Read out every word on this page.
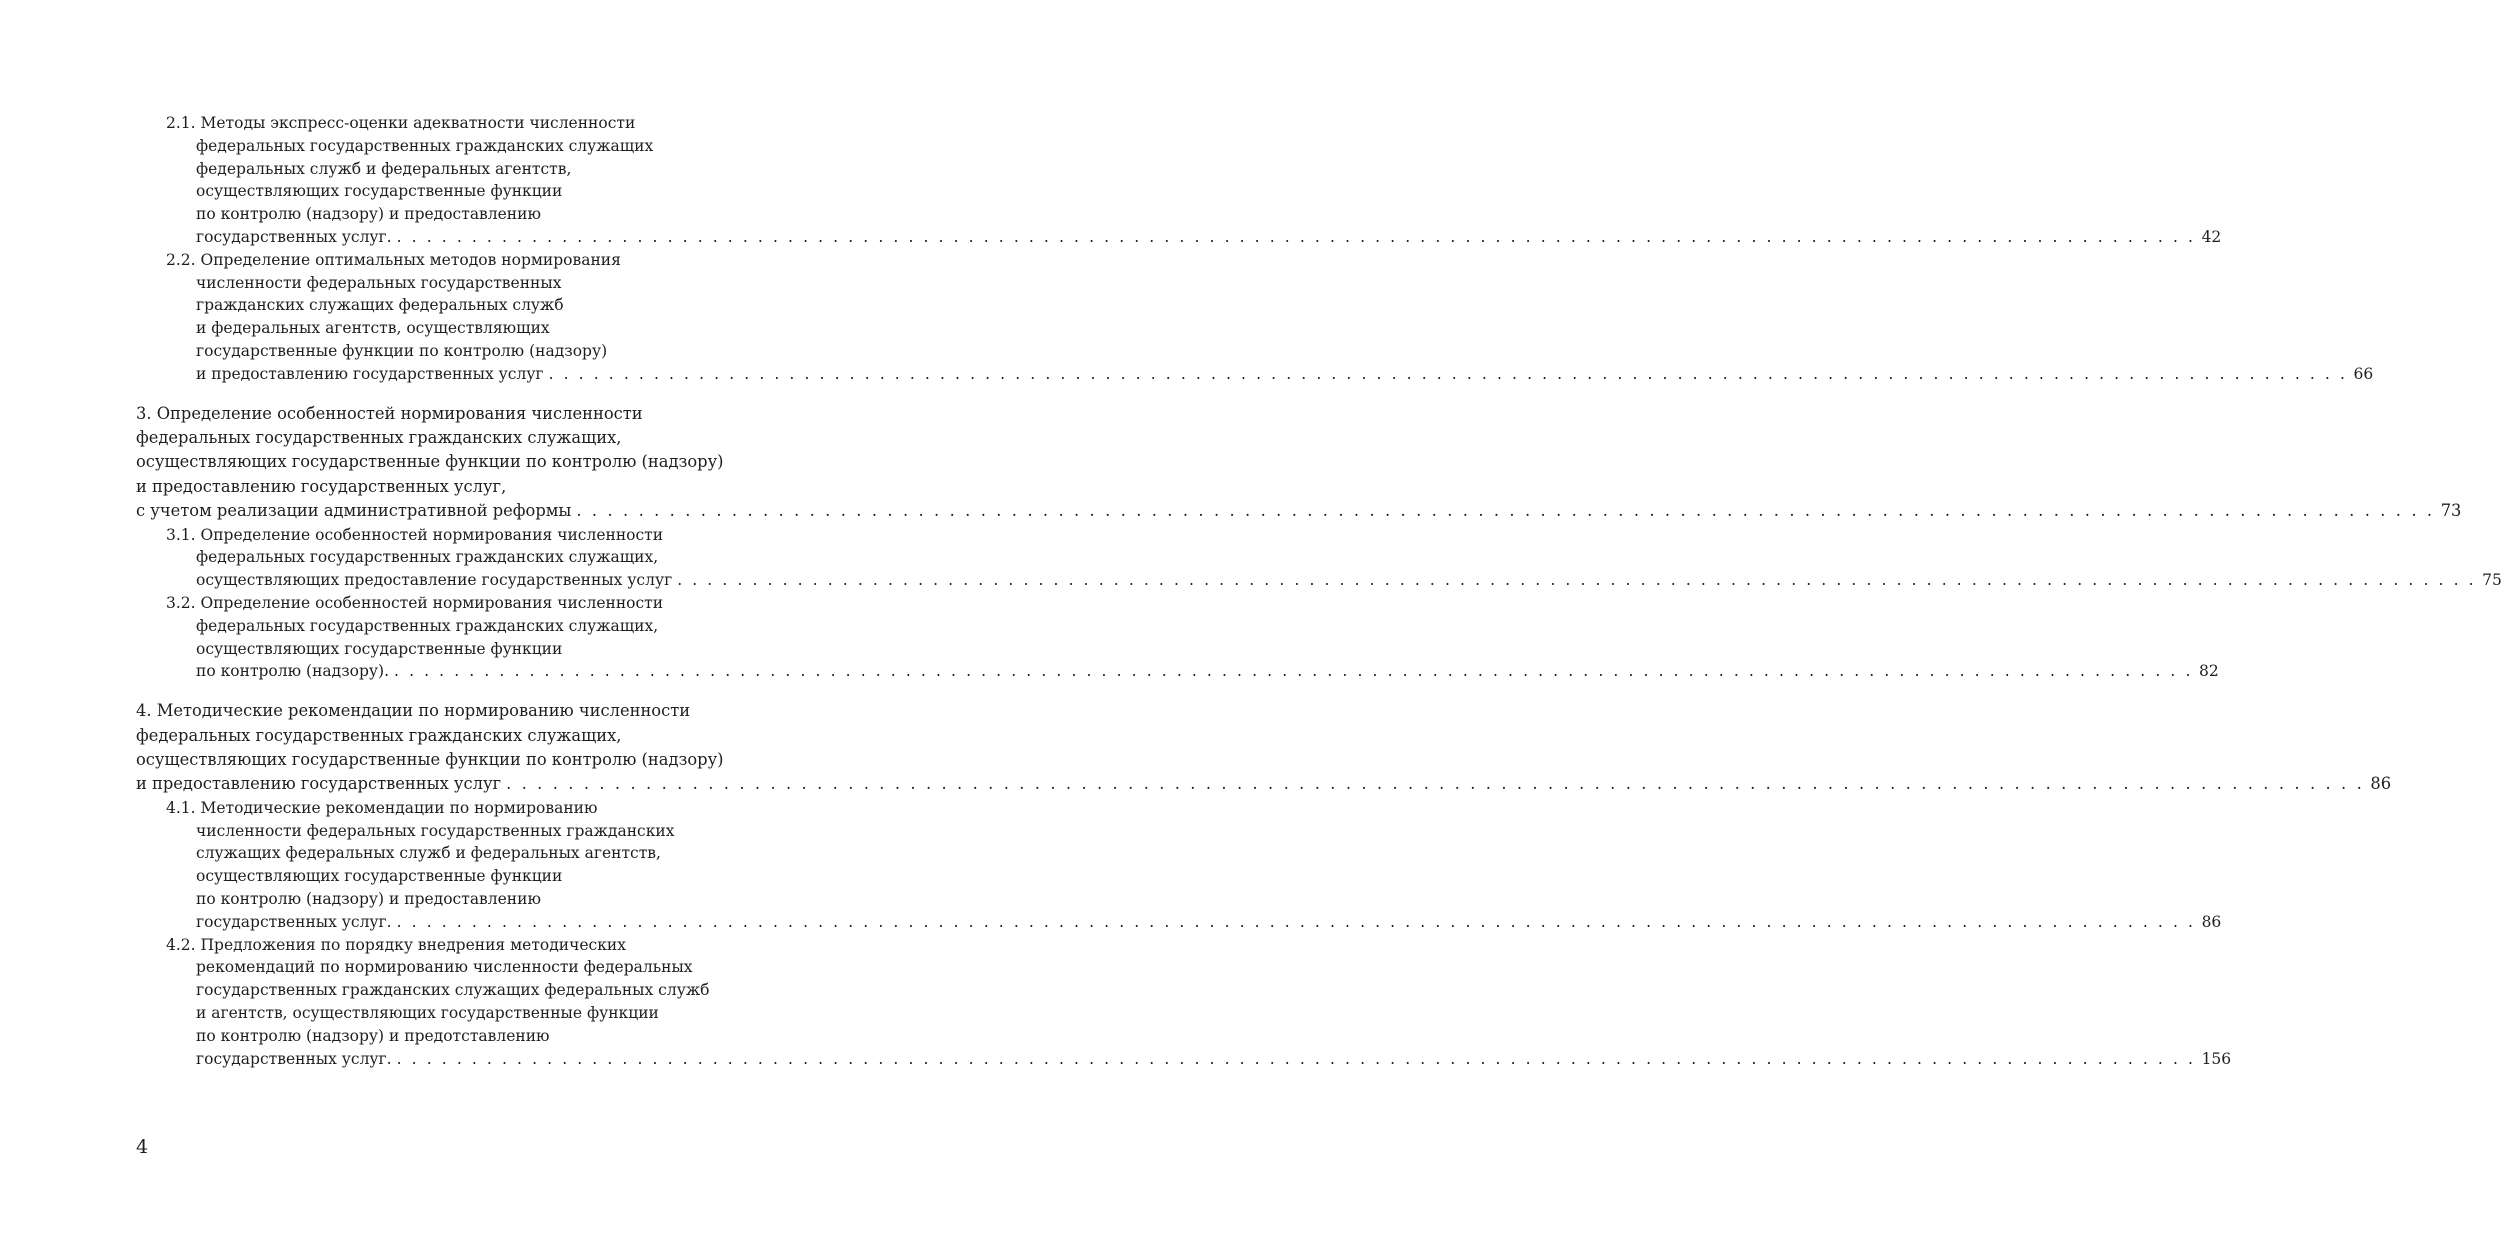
2.1. Методы экспресс-оценки адекватности численности
федеральных государственных гражданских служащих
федеральных служб и федеральных агентств,
осуществляющих государственные функции
по контролю (надзору) и предоставлению
государственных услуг. . . . . . . . . . . . . . . . . . . . . . . . . . . . . . . . . . . . . . . . . . . . . . . . . . . . . . . . . . . . . . . . . . . . . . . . . . . . . . . . . . . . . . . . . . . . . . . . . . . . . . . . . . . . . . . . . . . . . . . . . 42
2.2. Определение оптимальных методов нормирования
численности федеральных государственных
гражданских служащих федеральных служб
и федеральных агентств, осуществляющих
государственные функции по контролю (надзору)
и предоставлению государственных услуг . . . . . . . . . . . . . . . . . . . . . . . . . . . . . . . . . . . . . . . . . . . . . . . . . . . . . . . . . . . . . . . . . . . . . . . . . . . . . . . . . . . . . . . . . . . . . . . . . . . . . . . . . . . . . . . . . . . . . . . . 66
3. Определение особенностей нормирования численности
федеральных государственных гражданских служащих,
осуществляющих государственные функции по контролю (надзору)
и предоставлению государственных услуг,
с учетом реализации административной реформы . . . . . . . . . . . . . . . . . . . . . . . . . . . . . . . . . . . . . . . . . . . . . . . . . . . . . . . . . . . . . . . . . . . . . . . . . . . . . . . . . . . . . . . . . . . . . . . . . . . . . . . . . . . . . . . . . . . . . . . . 73
3.1. Определение особенностей нормирования численности
федеральных государственных гражданских служащих,
осуществляющих предоставление государственных услуг . . . . . . . . . . . . . . . . . . . . . . . . . . . . . . . . . . . . . . . . . . . . . . . . . . . . . . . . . . . . . . . . . . . . . . . . . . . . . . . . . . . . . . . . . . . . . . . . . . . . . . . . . . . . . . . . . . . . . . . . 75
3.2. Определение особенностей нормирования численности
федеральных государственных гражданских служащих,
осуществляющих государственные функции
по контролю (надзору). . . . . . . . . . . . . . . . . . . . . . . . . . . . . . . . . . . . . . . . . . . . . . . . . . . . . . . . . . . . . . . . . . . . . . . . . . . . . . . . . . . . . . . . . . . . . . . . . . . . . . . . . . . . . . . . . . . . . . . . . 82
4. Методические рекомендации по нормированию численности
федеральных государственных гражданских служащих,
осуществляющих государственные функции по контролю (надзору)
и предоставлению государственных услуг . . . . . . . . . . . . . . . . . . . . . . . . . . . . . . . . . . . . . . . . . . . . . . . . . . . . . . . . . . . . . . . . . . . . . . . . . . . . . . . . . . . . . . . . . . . . . . . . . . . . . . . . . . . . . . . . . . . . . . . . 86
4.1. Методические рекомендации по нормированию
численности федеральных государственных гражданских
служащих федеральных служб и федеральных агентств,
осуществляющих государственные функции
по контролю (надзору) и предоставлению
государственных услуг. . . . . . . . . . . . . . . . . . . . . . . . . . . . . . . . . . . . . . . . . . . . . . . . . . . . . . . . . . . . . . . . . . . . . . . . . . . . . . . . . . . . . . . . . . . . . . . . . . . . . . . . . . . . . . . . . . . . . . . . . 86
4.2. Предложения по порядку внедрения методических
рекомендаций по нормированию численности федеральных
государственных гражданских служащих федеральных служб
и агентств, осуществляющих государственные функции
по контролю (надзору) и предотставлению
государственных услуг. . . . . . . . . . . . . . . . . . . . . . . . . . . . . . . . . . . . . . . . . . . . . . . . . . . . . . . . . . . . . . . . . . . . . . . . . . . . . . . . . . . . . . . . . . . . . . . . . . . . . . . . . . . . . . . . . . . . . . . . . 156
4
